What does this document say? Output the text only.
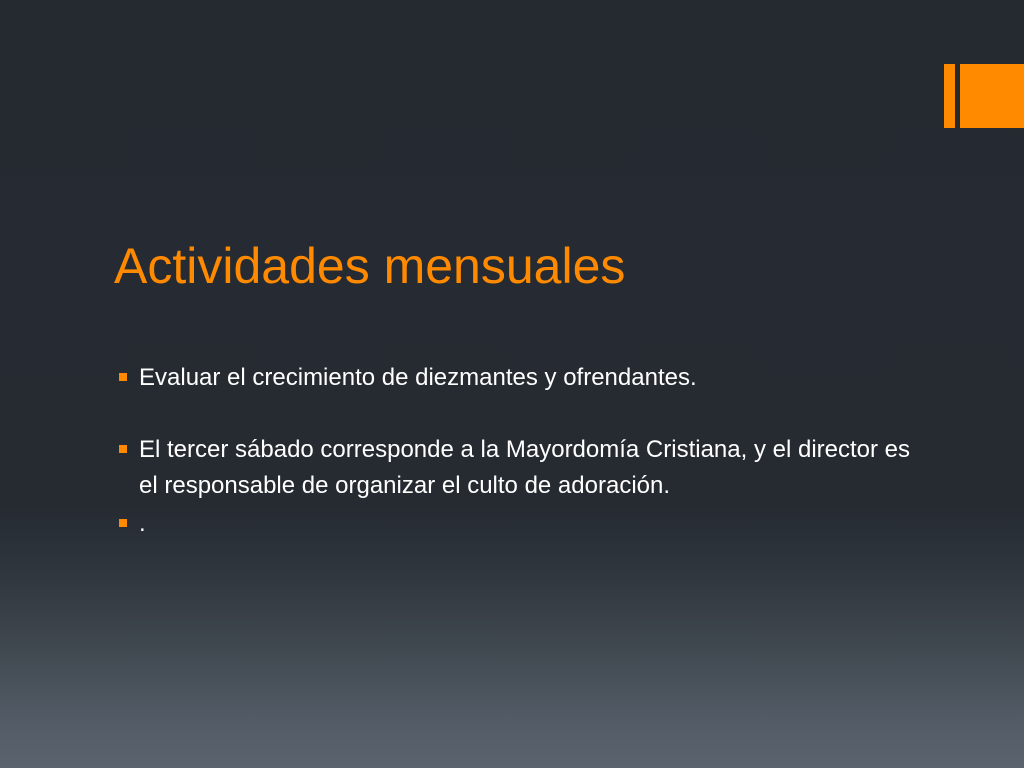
Actividades mensuales
Evaluar el crecimiento de diezmantes y ofrendantes.
El tercer sábado corresponde a la Mayordomía Cristiana, y el director es el responsable de organizar el culto de adoración.
.
